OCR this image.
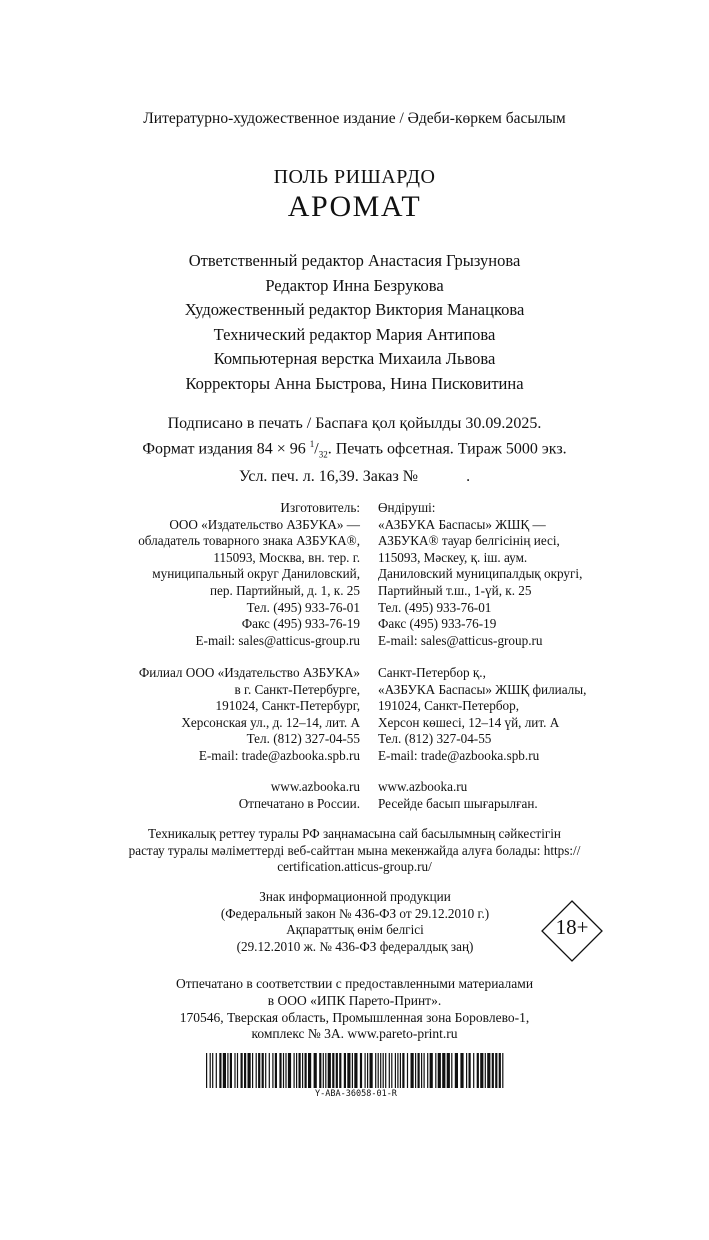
Литературно-художественное издание / Әдеби-көркем басылым
ПОЛЬ РИШАРДО
АРОМАТ
Ответственный редактор Анастасия Грызунова
Редактор Инна Безрукова
Художественный редактор Виктория Манацкова
Технический редактор Мария Антипова
Компьютерная верстка Михаила Львова
Корректоры Анна Быстрова, Нина Писковитина
Подписано в печать / Баспаға қол қойылды 30.09.2025.
Формат издания 84 × 96 $^1/_{32}$. Печать офсетная. Тираж 5000 экз.
Усл. печ. л. 16,39. Заказ №            .
Изготовитель:
ООО «Издательство АЗБУКА» —
обладатель товарного знака АЗБУКА®,
115093, Москва, вн. тер. г.
муниципальный округ Даниловский,
пер. Партийный, д. 1, к. 25
Тел. (495) 933-76-01
Факс (495) 933-76-19
E-mail: sales@atticus-group.ru
Өндіруші:
«АЗБУКА Баспасы» ЖШҚ —
АЗБУКА® тауар белгісінің иесі,
115093, Мәскеу, қ. іш. аум.
Даниловский муниципалдық округі,
Партийный т.ш., 1-үй, к. 25
Тел. (495) 933-76-01
Факс (495) 933-76-19
E-mail: sales@atticus-group.ru
Филиал ООО «Издательство АЗБУКА»
в г. Санкт-Петербурге,
191024, Санкт-Петербург,
Херсонская ул., д. 12–14, лит. А
Тел. (812) 327-04-55
E-mail: trade@azbooka.spb.ru
Санкт-Петербор қ.,
«АЗБУКА Баспасы» ЖШҚ филиалы,
191024, Санкт-Петербор,
Херсон көшесі, 12–14 үй, лит. А
Тел. (812) 327-04-55
E-mail: trade@azbooka.spb.ru
www.azbooka.ru
Отпечатано в России.
www.azbooka.ru
Ресейде басып шығарылған.
Техникалық реттеу туралы РФ заңнамасына сай басылымның сәйкестігін
растау туралы мәліметтерді веб-сайттан мына мекенжайда алуға болады: https://
certification.atticus-group.ru/
Знак информационной продукции
(Федеральный закон № 436-ФЗ от 29.12.2010 г.)
Ақпараттық өнім белгісі
(29.12.2010 ж. № 436-ФЗ федералдық заң)
18+
Отпечатано в соответствии с предоставленными материалами
в ООО «ИПК Парето-Принт».
170546, Тверская область, Промышленная зона Боровлево-1,
комплекс № 3А. www.pareto-print.ru
Y-ABA-36058-01-R
